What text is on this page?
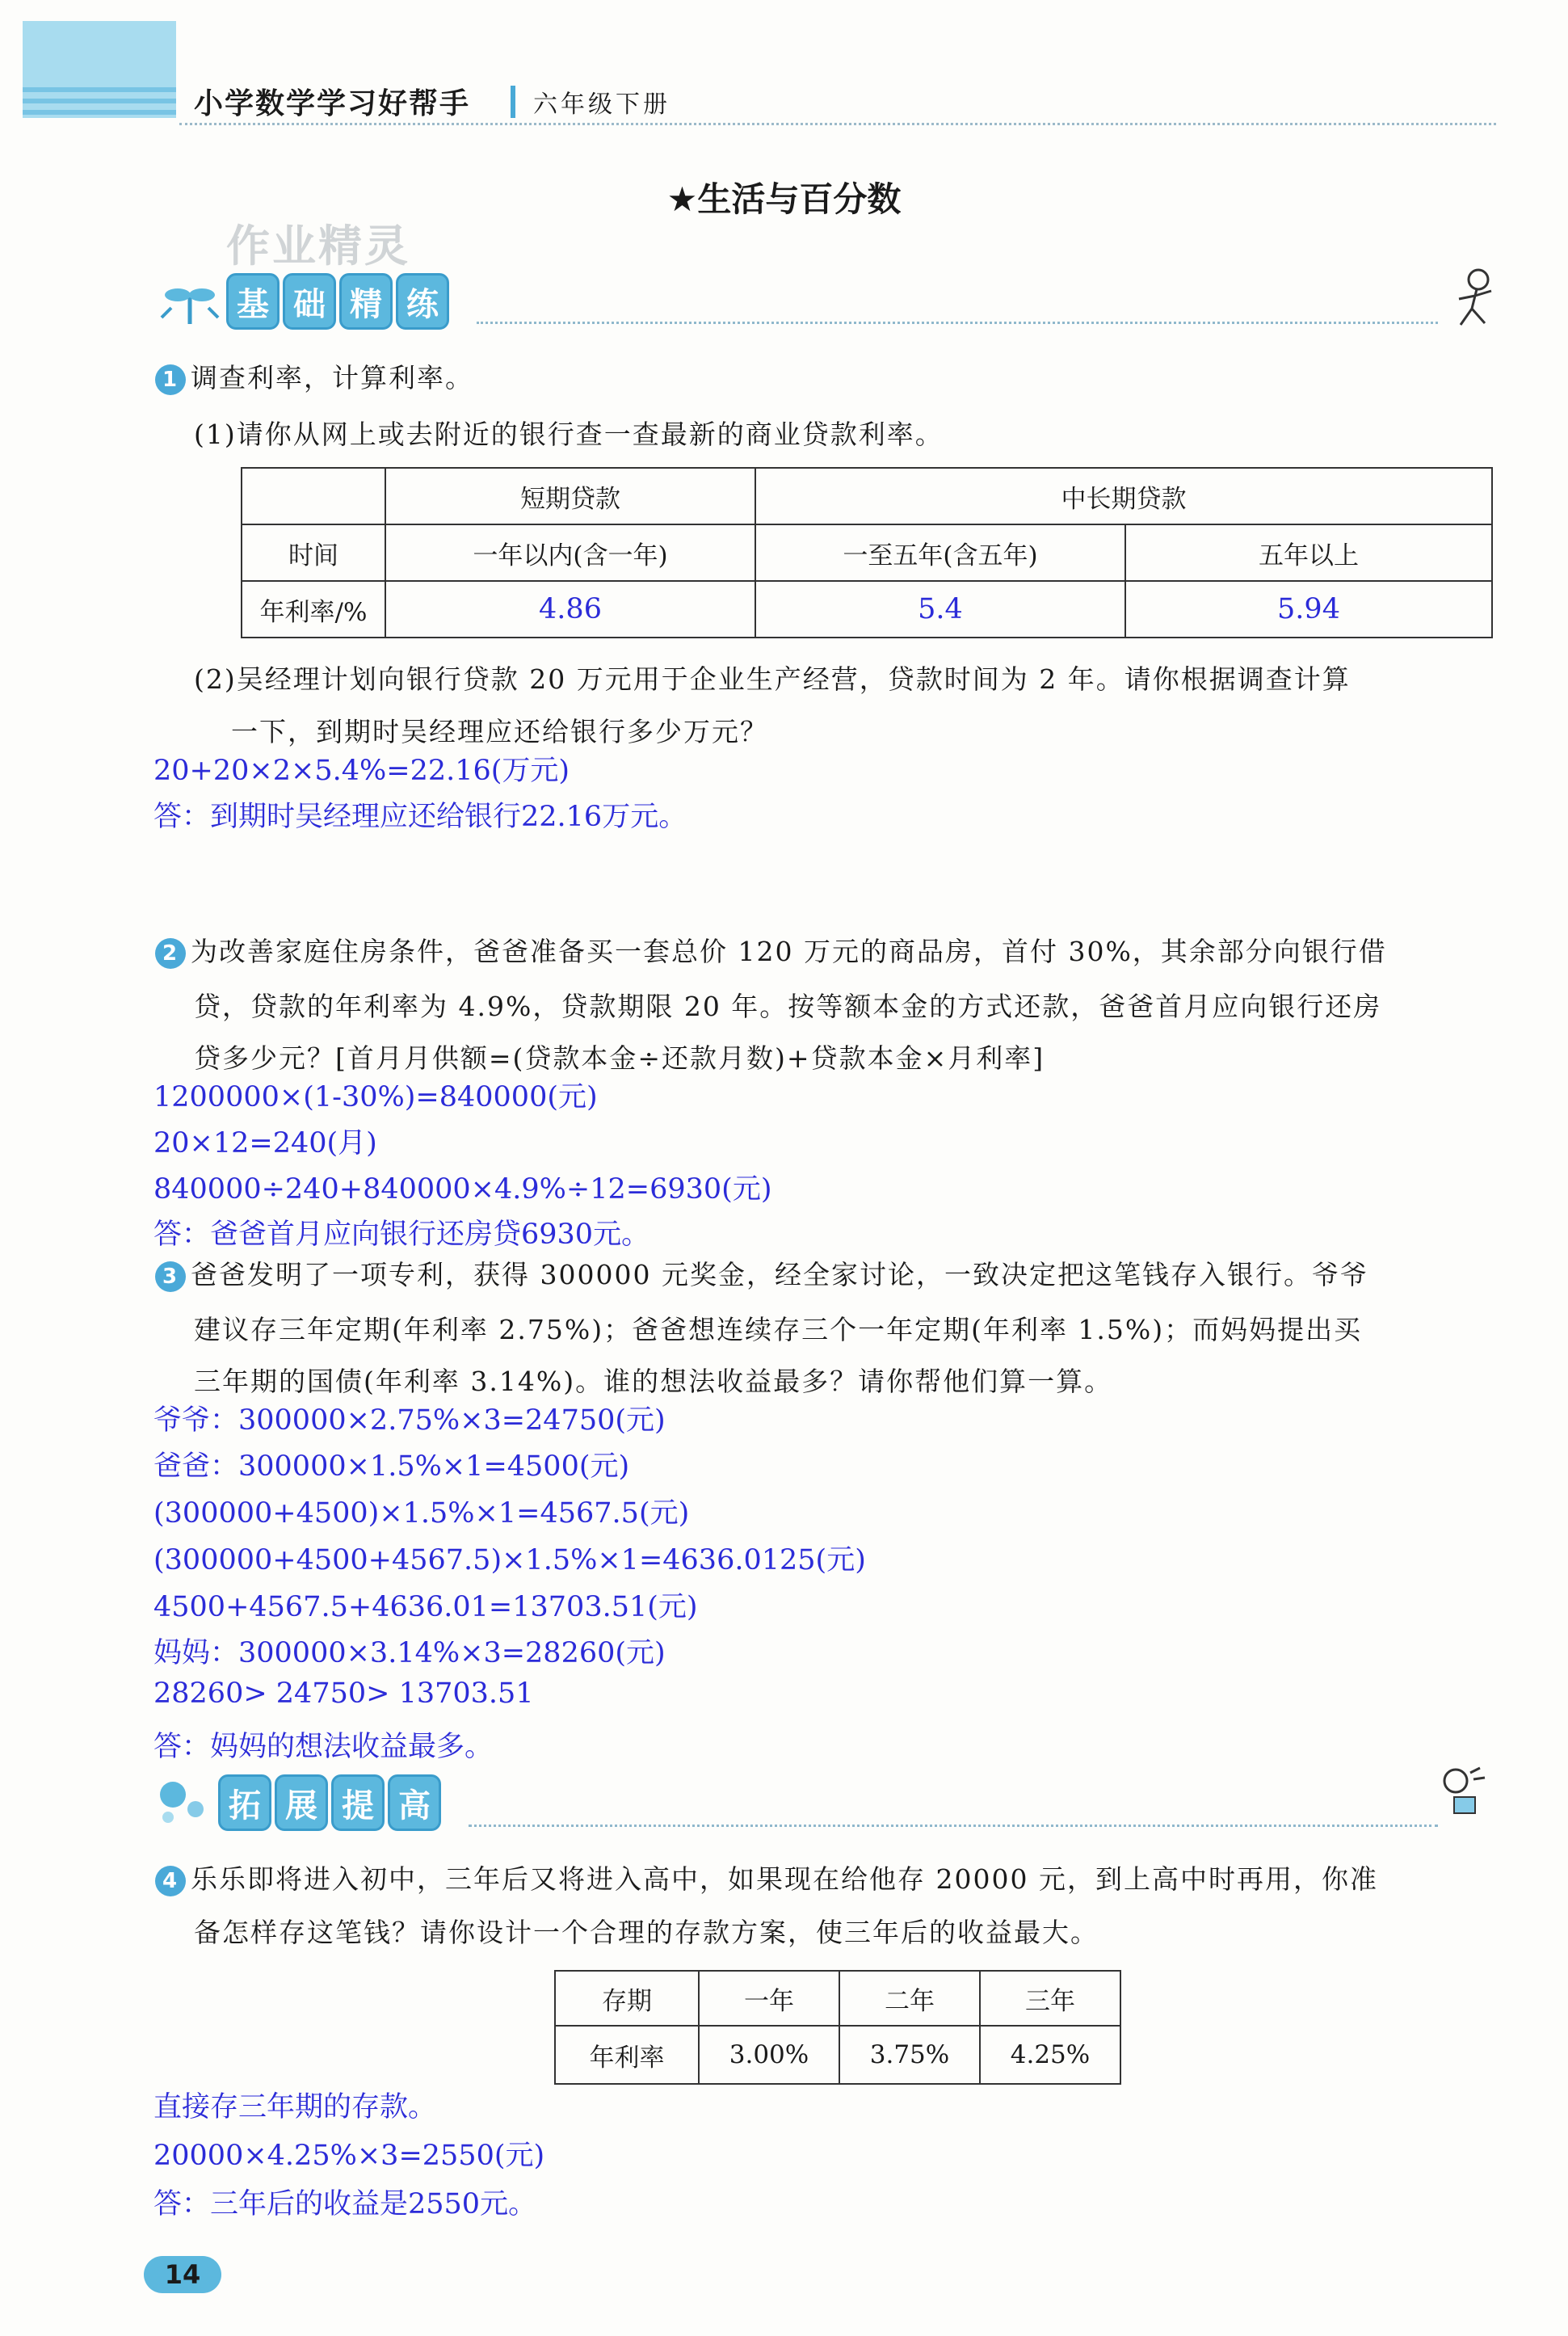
小学数学学习好帮手	六年级下册
★生活与百分数
作业精灵
基 础 精 练
1 调查利率，计算利率。
(1)请你从网上或去附近的银行查一查最新的商业贷款利率。
	短期贷款	中长期贷款	
时间	一年以内(含一年)	一至五年(含五年)	五年以上
年利率/%	4.86	5.4	5.94
(2)吴经理计划向银行贷款 20 万元用于企业生产经营，贷款时间为 2 年。请你根据调查计算
一下，到期时吴经理应还给银行多少万元？
20+20×2×5.4%=22.16(万元)
答：到期时吴经理应还给银行22.16万元。
2 为改善家庭住房条件，爸爸准备买一套总价 120 万元的商品房，首付 30%，其余部分向银行借
贷，贷款的年利率为 4.9%，贷款期限 20 年。按等额本金的方式还款，爸爸首月应向银行还房
贷多少元？[首月月供额=(贷款本金÷还款月数)+贷款本金×月利率]
1200000×(1-30%)=840000(元)
20×12=240(月)
840000÷240+840000×4.9%÷12=6930(元)
答：爸爸首月应向银行还房贷6930元。
3 爸爸发明了一项专利，获得 300000 元奖金，经全家讨论，一致决定把这笔钱存入银行。爷爷
建议存三年定期(年利率 2.75%)；爸爸想连续存三个一年定期(年利率 1.5%)；而妈妈提出买
三年期的国债(年利率 3.14%)。谁的想法收益最多？请你帮他们算一算。
爷爷：300000×2.75%×3=24750(元)
爸爸：300000×1.5%×1=4500(元)
(300000+4500)×1.5%×1=4567.5(元)
(300000+4500+4567.5)×1.5%×1=4636.0125(元)
4500+4567.5+4636.01=13703.51(元)
妈妈：300000×3.14%×3=28260(元)
28260> 24750> 13703.51
答：妈妈的想法收益最多。
拓 展 提 高
4 乐乐即将进入初中，三年后又将进入高中，如果现在给他存 20000 元，到上高中时再用，你准
备怎样存这笔钱？请你设计一个合理的存款方案，使三年后的收益最大。
存期	一年	二年	三年
年利率	3.00%	3.75%	4.25%
直接存三年期的存款。
20000×4.25%×3=2550(元)
答：三年后的收益是2550元。
14
